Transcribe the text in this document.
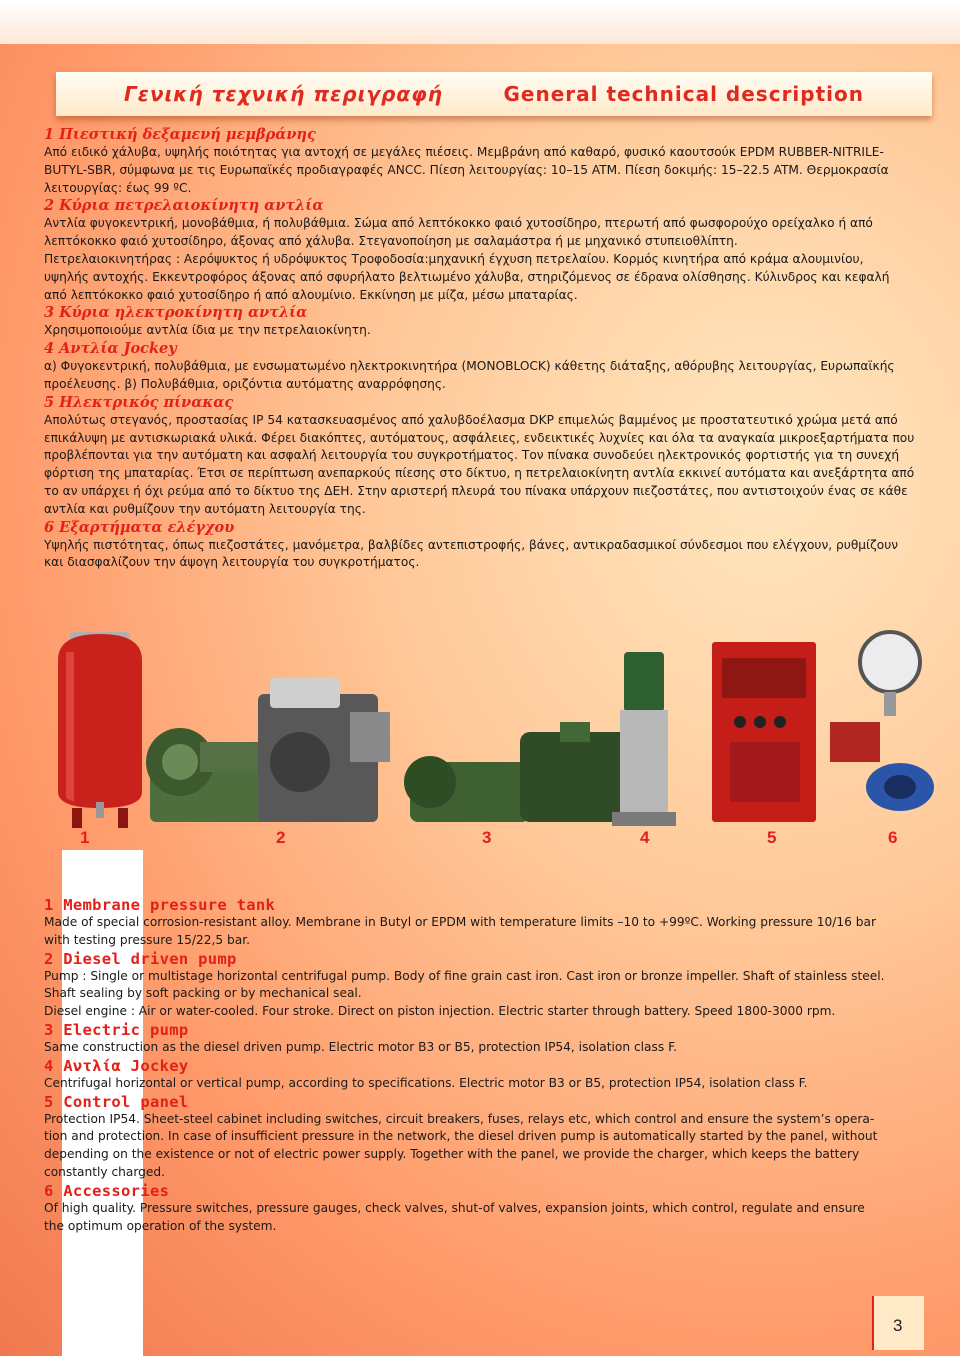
Γενική τεχνική περιγραφή	General technical description

1 Πιεστική δεξαμενή μεμβράνης

Από ειδικό χάλυβα, υψηλής ποιότητας για αντοχή σε μεγάλες πιέσεις. Μεμβράνη από καθαρό, φυσικό καουτσούκ EPDM RUBBER-NITRILE-

BUTYL-SBR, σύμφωνα με τις Ευρωπαϊκές προδιαγραφές ANCC. Πίεση λειτουργίας: 10–15 ATM. Πίεση δοκιμής: 15–22.5 ATM. Θερμοκρασία

λειτουργίας: έως 99 ºC.

2 Κύρια πετρελαιοκίνητη αντλία

Αντλία φυγοκεντρική, μονοβάθμια, ή πολυβάθμια. Σώμα από λεπτόκοκκο φαιό χυτοσίδηρο, πτερωτή από φωσφορούχο ορείχαλκο ή από

λεπτόκοκκο φαιό χυτοσίδηρο, άξονας από χάλυβα. Στεγανοποίηση με σαλαμάστρα ή με μηχανικό στυπειοθλίπτη.

Πετρελαιοκινητήρας : Αερόψυκτος ή υδρόψυκτος Τροφοδοσία:μηχανική έγχυση πετρελαίου. Κορμός κινητήρα από κράμα αλουμινίου,

υψηλής αντοχής. Εκκεντροφόρος άξονας από σφυρήλατο βελτιωμένο χάλυβα, στηριζόμενος σε έδρανα ολίσθησης. Κύλινδρος και κεφαλή

από λεπτόκοκκο φαιό χυτοσίδηρο ή από αλουμίνιο. Εκκίνηση με μίζα, μέσω μπαταρίας.

3 Κύρια ηλεκτροκίνητη αντλία

Χρησιμοποιούμε αντλία ίδια με την πετρελαιοκίνητη.

4 Αντλία Jockey

α) Φυγοκεντρική, πολυβάθμια, με ενσωματωμένο ηλεκτροκινητήρα (MONOBLOCK) κάθετης διάταξης, αθόρυβης λειτουργίας, Ευρωπαϊκής

προέλευσης. β) Πολυβάθμια, οριζόντια αυτόματης αναρρόφησης.

5 Ηλεκτρικός πίνακας

Απολύτως στεγανός, προστασίας IP 54 κατασκευασμένος από χαλυβδοέλασμα DKP επιμελώς βαμμένος με προστατευτικό χρώμα μετά από

επικάλυψη με αντισκωριακά υλικά. Φέρει διακόπτες, αυτόματους, ασφάλειες, ενδεικτικές λυχνίες και όλα τα αναγκαία μικροεξαρτήματα που

προβλέπονται για την αυτόματη και ασφαλή λειτουργία του συγκροτήματος. Τον πίνακα συνοδεύει ηλεκτρονικός φορτιστής για τη συνεχή

φόρτιση της μπαταρίας. Έτσι σε περίπτωση ανεπαρκούς πίεσης στο δίκτυο, η πετρελαιοκίνητη αντλία εκκινεί αυτόματα και ανεξάρτητα από

το αν υπάρχει ή όχι ρεύμα από το δίκτυο της ΔΕΗ. Στην αριστερή πλευρά του πίνακα υπάρχουν πιεζοστάτες, που αντιστοιχούν ένας σε κάθε

αντλία και ρυθμίζουν την αυτόματη λειτουργία της.

6 Εξαρτήματα ελέγχου

Υψηλής πιστότητας, όπως πιεζοστάτες, μανόμετρα, βαλβίδες αντεπιστροφής, βάνες, αντικραδασμικοί σύνδεσμοι που ελέγχουν, ρυθμίζουν

και διασφαλίζουν την άψογη λειτουργία του συγκροτήματος.

1	2	3	4	5	6

1 Membrane pressure tank

Made of special corrosion-resistant alloy. Membrane in Butyl or EPDM with temperature limits –10 to +99ºC. Working pressure 10/16 bar

with testing pressure 15/22,5 bar.

2 Diesel driven pump

Pump : Single or multistage horizontal centrifugal pump. Body of fine grain cast iron. Cast iron or bronze impeller. Shaft of stainless steel.

Shaft sealing by soft packing or by mechanical seal.

Diesel engine : Air or water-cooled. Four stroke. Direct on piston injection. Electric starter through battery. Speed 1800-3000 rpm.

3 Electric pump

Same construction as the diesel driven pump. Electric motor B3 or B5, protection IP54, isolation class F.

4 Αντλία Jockey

Centrifugal horizontal or vertical pump, according to specifications. Electric motor B3 or B5, protection IP54, isolation class F.

5 Control panel

Protection IP54. Sheet-steel cabinet including switches, circuit breakers, fuses, relays etc, which control and ensure the system’s opera-

tion and protection. In case of insufficient pressure in the network, the diesel driven pump is automatically started by the panel, without

depending on the existence or not of electric power supply. Together with the panel, we provide the charger, which keeps the battery

constantly charged.

6 Accessories

Of high quality. Pressure switches, pressure gauges, check valves, shut-of valves, expansion joints, which control, regulate and ensure

the optimum operation of the system.

3
